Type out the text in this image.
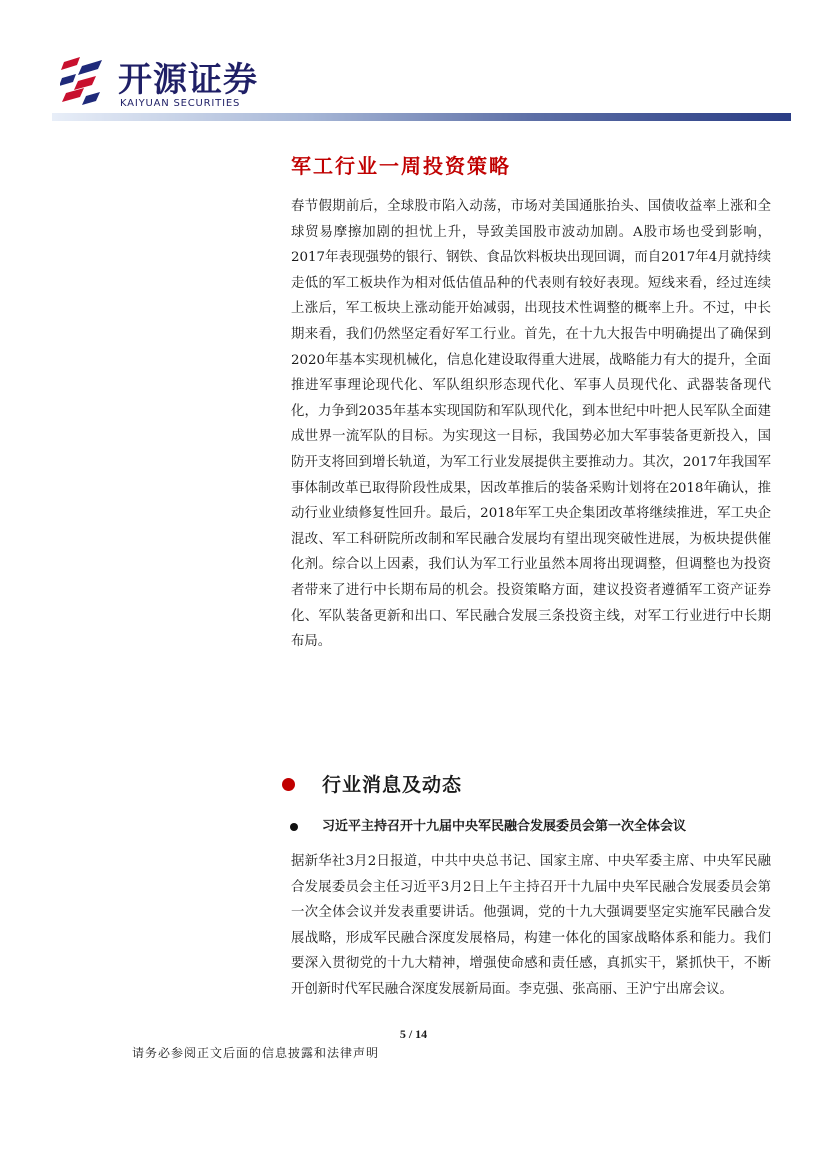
开源证券
KAIYUAN SECURITIES
军工行业一周投资策略

春节假期前后，全球股市陷入动荡，市场对美国通胀抬头、国债收益率上涨和全球贸易摩擦加剧的担忧上升，导致美国股市波动加剧。A股市场也受到影响，2017年表现强势的银行、钢铁、食品饮料板块出现回调，而自2017年4月就持续走低的军工板块作为相对低估值品种的代表则有较好表现。短线来看，经过连续上涨后，军工板块上涨动能开始减弱，出现技术性调整的概率上升。不过，中长期来看，我们仍然坚定看好军工行业。首先，在十九大报告中明确提出了确保到2020年基本实现机械化，信息化建设取得重大进展，战略能力有大的提升，全面推进军事理论现代化、军队组织形态现代化、军事人员现代化、武器装备现代化，力争到2035年基本实现国防和军队现代化，到本世纪中叶把人民军队全面建成世界一流军队的目标。为实现这一目标，我国势必加大军事装备更新投入，国防开支将回到增长轨道，为军工行业发展提供主要推动力。其次，2017年我国军事体制改革已取得阶段性成果，因改革推后的装备采购计划将在2018年确认，推动行业业绩修复性回升。最后，2018年军工央企集团改革将继续推进，军工央企混改、军工科研院所改制和军民融合发展均有望出现突破性进展，为板块提供催化剂。综合以上因素，我们认为军工行业虽然本周将出现调整，但调整也为投资者带来了进行中长期布局的机会。投资策略方面，建议投资者遵循军工资产证券化、军队装备更新和出口、军民融合发展三条投资主线，对军工行业进行中长期布局。

行业消息及动态
习近平主持召开十九届中央军民融合发展委员会第一次全体会议

据新华社3月2日报道，中共中央总书记、国家主席、中央军委主席、中央军民融合发展委员会主任习近平3月2日上午主持召开十九届中央军民融合发展委员会第一次全体会议并发表重要讲话。他强调，党的十九大强调要坚定实施军民融合发展战略，形成军民融合深度发展格局，构建一体化的国家战略体系和能力。我们要深入贯彻党的十九大精神，增强使命感和责任感，真抓实干，紧抓快干，不断开创新时代军民融合深度发展新局面。李克强、张高丽、王沪宁出席会议。

5 / 14
请务必参阅正文后面的信息披露和法律声明
